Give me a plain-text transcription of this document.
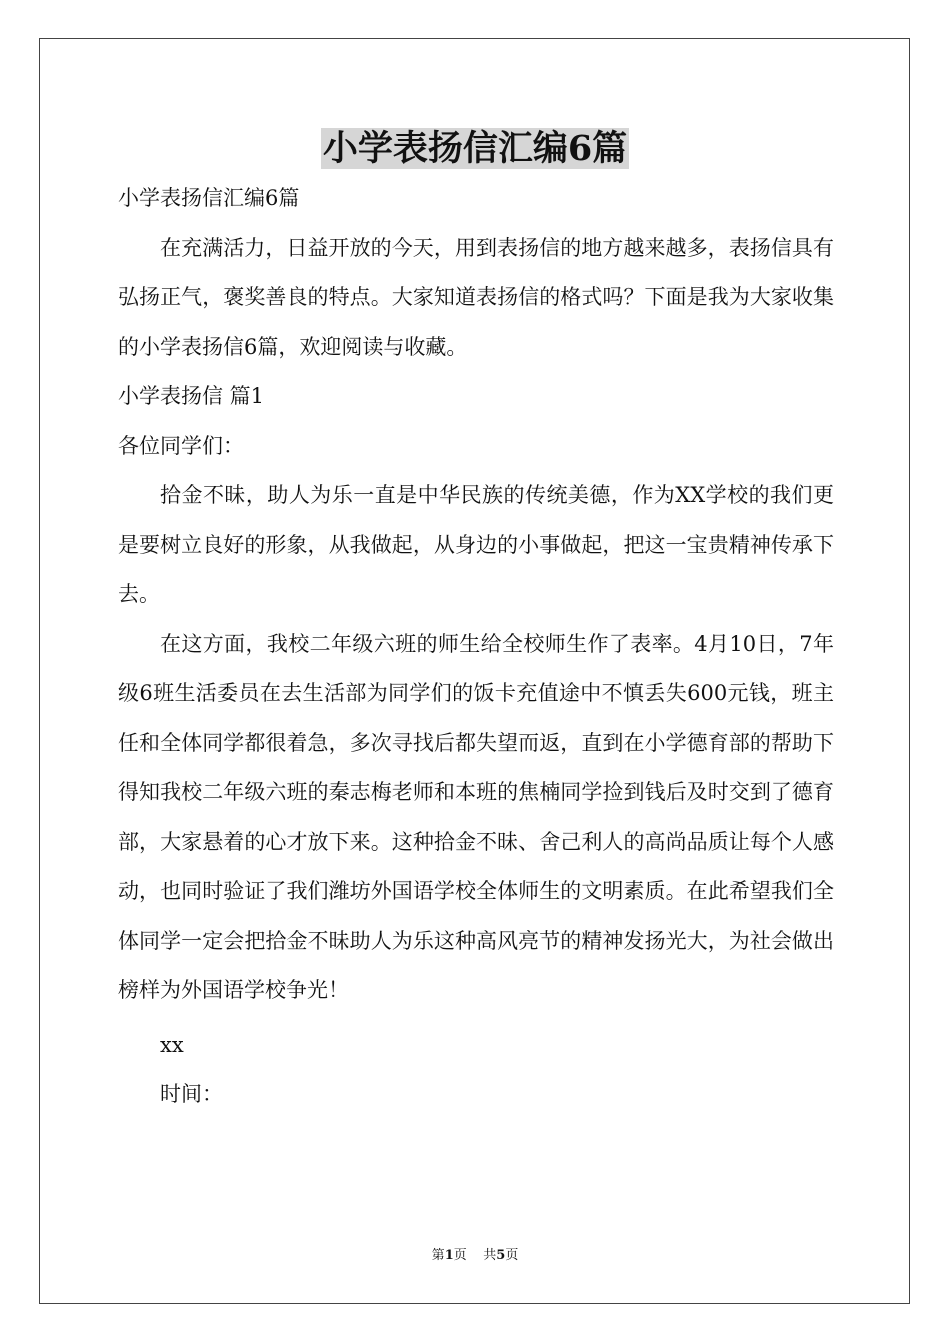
小学表扬信汇编6篇

小学表扬信汇编6篇

在充满活力，日益开放的今天，用到表扬信的地方越来越多，表扬信具有弘扬正气，褒奖善良的特点。大家知道表扬信的格式吗？下面是我为大家收集的小学表扬信6篇，欢迎阅读与收藏。

小学表扬信 篇1

各位同学们：

拾金不昧，助人为乐一直是中华民族的传统美德，作为XX学校的我们更是要树立良好的形象，从我做起，从身边的小事做起，把这一宝贵精神传承下去。

在这方面，我校二年级六班的师生给全校师生作了表率。4月10日，7年级6班生活委员在去生活部为同学们的饭卡充值途中不慎丢失600元钱，班主任和全体同学都很着急，多次寻找后都失望而返，直到在小学德育部的帮助下得知我校二年级六班的秦志梅老师和本班的焦楠同学捡到钱后及时交到了德育部，大家悬着的心才放下来。这种拾金不昧、舍己利人的高尚品质让每个人感动，也同时验证了我们潍坊外国语学校全体师生的文明素质。在此希望我们全体同学一定会把拾金不昧助人为乐这种高风亮节的精神发扬光大，为社会做出榜样为外国语学校争光！

xx

时间：

第1页    共5页
